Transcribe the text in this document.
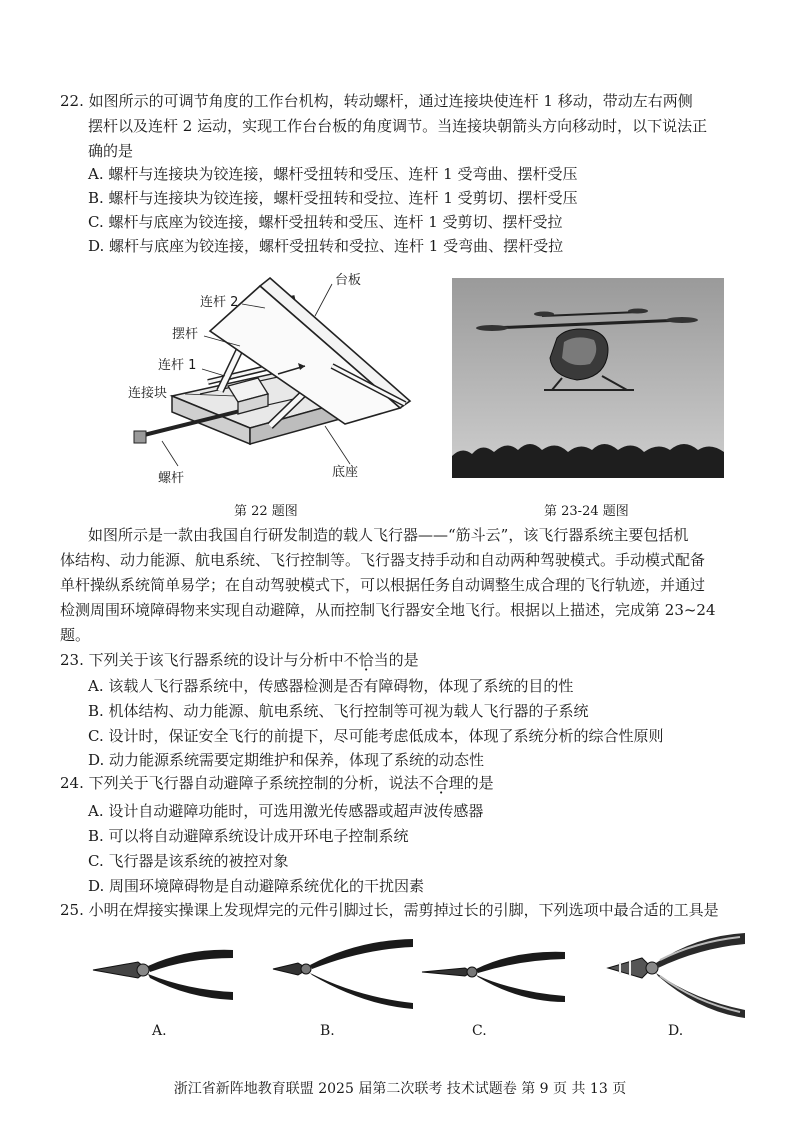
22. 如图所示的可调节角度的工作台机构，转动螺杆，通过连接块使连杆 1 移动，带动左右两侧
摆杆以及连杆 2 运动，实现工作台台板的角度调节。当连接块朝箭头方向移动时，以下说法正
确的是
A. 螺杆与连接块为铰连接，螺杆受扭转和受压、连杆 1 受弯曲、摆杆受压
B. 螺杆与连接块为铰连接，螺杆受扭转和受拉、连杆 1 受剪切、摆杆受压
C. 螺杆与底座为铰连接，螺杆受扭转和受压、连杆 1 受剪切、摆杆受拉
D. 螺杆与底座为铰连接，螺杆受扭转和受拉、连杆 1 受弯曲、摆杆受拉
台板
连杆 2
摆杆
连杆 1
连接块
底座
螺杆
第 22 题图	第 23-24 题图
如图所示是一款由我国自行研发制造的载人飞行器——“筋斗云”，该飞行器系统主要包括机
体结构、动力能源、航电系统、飞行控制等。飞行器支持手动和自动两种驾驶模式。手动模式配备
单杆操纵系统简单易学；在自动驾驶模式下，可以根据任务自动调整生成合理的飞行轨迹，并通过
检测周围环境障碍物来实现自动避障，从而控制飞行器安全地飞行。根据以上描述，完成第 23~24
题。
23. 下列关于该飞行器系统的设计与分析中不恰当的是
A. 该载人飞行器系统中，传感器检测是否有障碍物，体现了系统的目的性
B. 机体结构、动力能源、航电系统、飞行控制等可视为载人飞行器的子系统
C. 设计时，保证安全飞行的前提下，尽可能考虑低成本，体现了系统分析的综合性原则
D. 动力能源系统需要定期维护和保养，体现了系统的动态性
24. 下列关于飞行器自动避障子系统控制的分析，说法不合理的是
A. 设计自动避障功能时，可选用激光传感器或超声波传感器
B. 可以将自动避障系统设计成开环电子控制系统
C. 飞行器是该系统的被控对象
D. 周围环境障碍物是自动避障系统优化的干扰因素
25. 小明在焊接实操课上发现焊完的元件引脚过长，需剪掉过长的引脚，下列选项中最合适的工具是
A.	B.	C.	D.
浙江省新阵地教育联盟 2025 届第二次联考 技术试题卷 第 9 页 共 13 页
